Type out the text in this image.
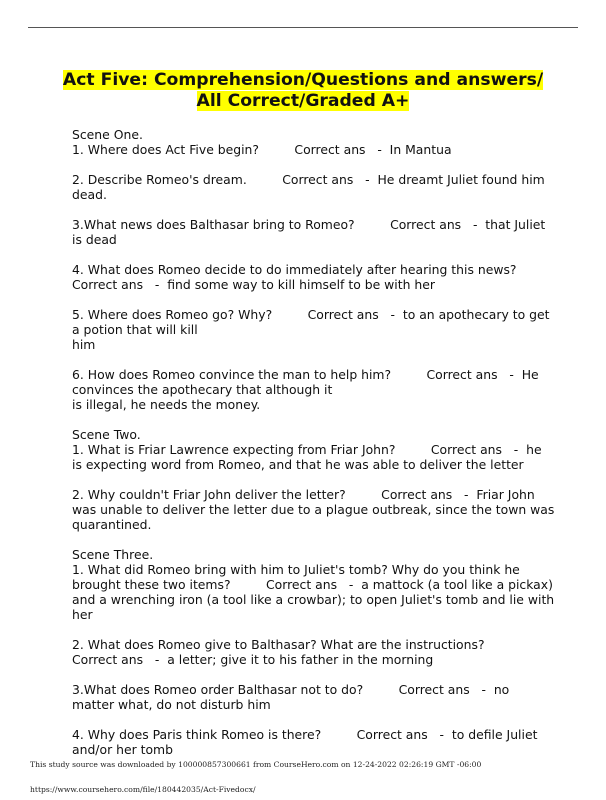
Act Five: Comprehension/Questions and answers/
All Correct/Graded A+

Scene One.

1. Where does Act Five begin?         Correct ans   -  In Mantua

2. Describe Romeo's dream.         Correct ans   -  He dreamt Juliet found him

dead.

3.What news does Balthasar bring to Romeo?         Correct ans   -  that Juliet

is dead

4. What does Romeo decide to do immediately after hearing this news?

Correct ans   -  find some way to kill himself to be with her

5. Where does Romeo go? Why?         Correct ans   -  to an apothecary to get

a potion that will kill

him

6. How does Romeo convince the man to help him?         Correct ans   -  He

convinces the apothecary that although it

is illegal, he needs the money.

Scene Two.

1. What is Friar Lawrence expecting from Friar John?         Correct ans   -  he

is expecting word from Romeo, and that he was able to deliver the letter

2. Why couldn't Friar John deliver the letter?         Correct ans   -  Friar John

was unable to deliver the letter due to a plague outbreak, since the town was

quarantined.

Scene Three.

1. What did Romeo bring with him to Juliet's tomb? Why do you think he

brought these two items?         Correct ans   -  a mattock (a tool like a pickax)

and a wrenching iron (a tool like a crowbar); to open Juliet's tomb and lie with

her

2. What does Romeo give to Balthasar? What are the instructions?

Correct ans   -  a letter; give it to his father in the morning

3.What does Romeo order Balthasar not to do?         Correct ans   -  no

matter what, do not disturb him

4. Why does Paris think Romeo is there?         Correct ans   -  to defile Juliet

and/or her tomb

This study source was downloaded by 100000857300661 from CourseHero.com on 12-24-2022 02:26:19 GMT -06:00
https://www.coursehero.com/file/180442035/Act-Fivedocx/
